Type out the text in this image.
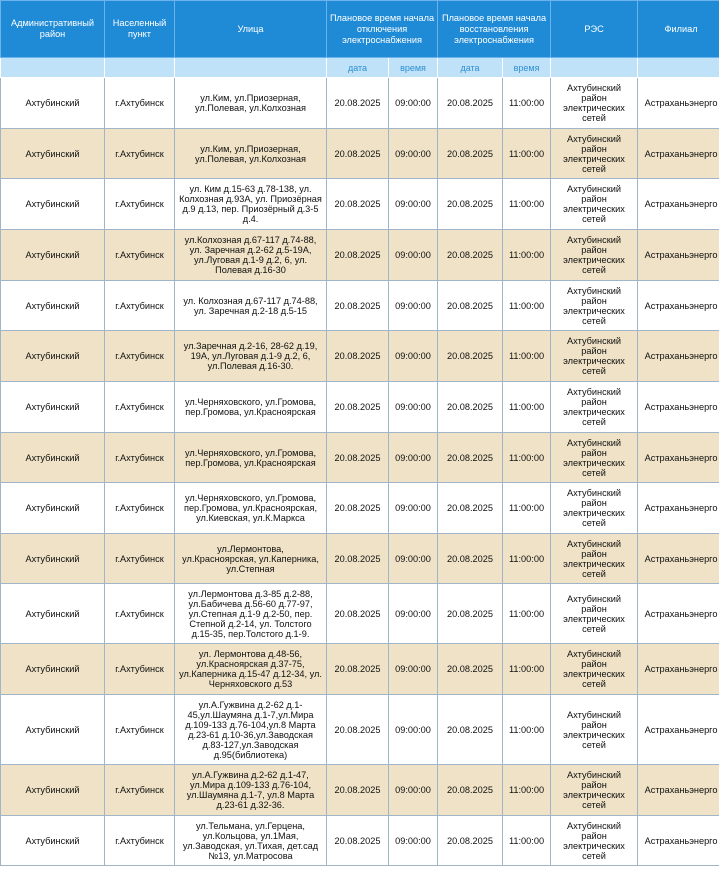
Административный район	Населенный пункт	Улица	Плановое время начала отключения электроснабжения		Плановое время начала восстановления электроснабжения		РЭС	Филиал
			дата	время	дата	время		
Ахтубинский	г.Ахтубинск	ул.Ким, ул.Приозерная, ул.Полевая, ул.Колхозная	20.08.2025	09:00:00	20.08.2025	11:00:00	Ахтубинский район электрических сетей	Астраханьэнерго
Ахтубинский	г.Ахтубинск	ул.Ким, ул.Приозерная, ул.Полевая, ул.Колхозная	20.08.2025	09:00:00	20.08.2025	11:00:00	Ахтубинский район электрических сетей	Астраханьэнерго
Ахтубинский	г.Ахтубинск	ул. Ким д.15-63 д.78-138, ул. Колхозная д.93А, ул. Приозёрная д.9 д.13, пер. Приозёрный д.3-5 д.4.	20.08.2025	09:00:00	20.08.2025	11:00:00	Ахтубинский район электрических сетей	Астраханьэнерго
Ахтубинский	г.Ахтубинск	ул.Колхозная д.67-117 д.74-88, ул. Заречная д.2-62 д.5-19А, ул.Луговая д.1-9 д.2, 6, ул. Полевая д.16-30	20.08.2025	09:00:00	20.08.2025	11:00:00	Ахтубинский район электрических сетей	Астраханьэнерго
Ахтубинский	г.Ахтубинск	ул. Колхозная д.67-117 д.74-88, ул. Заречная д.2-18 д.5-15	20.08.2025	09:00:00	20.08.2025	11:00:00	Ахтубинский район электрических сетей	Астраханьэнерго
Ахтубинский	г.Ахтубинск	ул.Заречная д.2-16, 28-62 д.19, 19А, ул.Луговая д.1-9 д.2, 6, ул.Полевая д.16-30.	20.08.2025	09:00:00	20.08.2025	11:00:00	Ахтубинский район электрических сетей	Астраханьэнерго
Ахтубинский	г.Ахтубинск	ул.Черняховского, ул.Громова, пер.Громова, ул.Красноярская	20.08.2025	09:00:00	20.08.2025	11:00:00	Ахтубинский район электрических сетей	Астраханьэнерго
Ахтубинский	г.Ахтубинск	ул.Черняховского, ул.Громова, пер.Громова, ул.Красноярская	20.08.2025	09:00:00	20.08.2025	11:00:00	Ахтубинский район электрических сетей	Астраханьэнерго
Ахтубинский	г.Ахтубинск	ул.Черняховского, ул.Громова, пер.Громова, ул.Красноярская, ул.Киевская, ул.К.Маркса	20.08.2025	09:00:00	20.08.2025	11:00:00	Ахтубинский район электрических сетей	Астраханьэнерго
Ахтубинский	г.Ахтубинск	ул.Лермонтова, ул.Красноярская, ул.Каперника, ул.Степная	20.08.2025	09:00:00	20.08.2025	11:00:00	Ахтубинский район электрических сетей	Астраханьэнерго
Ахтубинский	г.Ахтубинск	ул.Лермонтова д.3-85 д.2-88, ул.Бабичева д.56-60 д.77-97, ул.Степная д.1-9 д.2-50, пер. Степной д.2-14, ул. Толстого д.15-35, пер.Толстого д.1-9.	20.08.2025	09:00:00	20.08.2025	11:00:00	Ахтубинский район электрических сетей	Астраханьэнерго
Ахтубинский	г.Ахтубинск	ул. Лермонтова д.48-56, ул.Красноярская д.37-75, ул.Каперника д.15-47 д.12-34, ул. Черняховского д.53	20.08.2025	09:00:00	20.08.2025	11:00:00	Ахтубинский район электрических сетей	Астраханьэнерго
Ахтубинский	г.Ахтубинск	ул.А.Гужвина д.2-62 д.1-45,ул.Шаумяна д.1-7,ул.Мира д.109-133 д.76-104,ул.8 Марта д.23-61 д.10-36,ул.Заводская д.83-127,ул.Заводская д.95(библиотека)	20.08.2025	09:00:00	20.08.2025	11:00:00	Ахтубинский район электрических сетей	Астраханьэнерго
Ахтубинский	г.Ахтубинск	ул.А.Гужвина д.2-62 д.1-47, ул.Мира д.109-133 д.76-104, ул.Шаумяна д.1-7, ул.8 Марта д.23-61 д.32-36.	20.08.2025	09:00:00	20.08.2025	11:00:00	Ахтубинский район электрических сетей	Астраханьэнерго
Ахтубинский	г.Ахтубинск	ул.Тельмана, ул.Герцена, ул.Кольцова, ул.1Мая, ул.Заводская, ул.Тихая, дет.сад №13, ул.Матросова	20.08.2025	09:00:00	20.08.2025	11:00:00	Ахтубинский район электрических сетей	Астраханьэнерго
